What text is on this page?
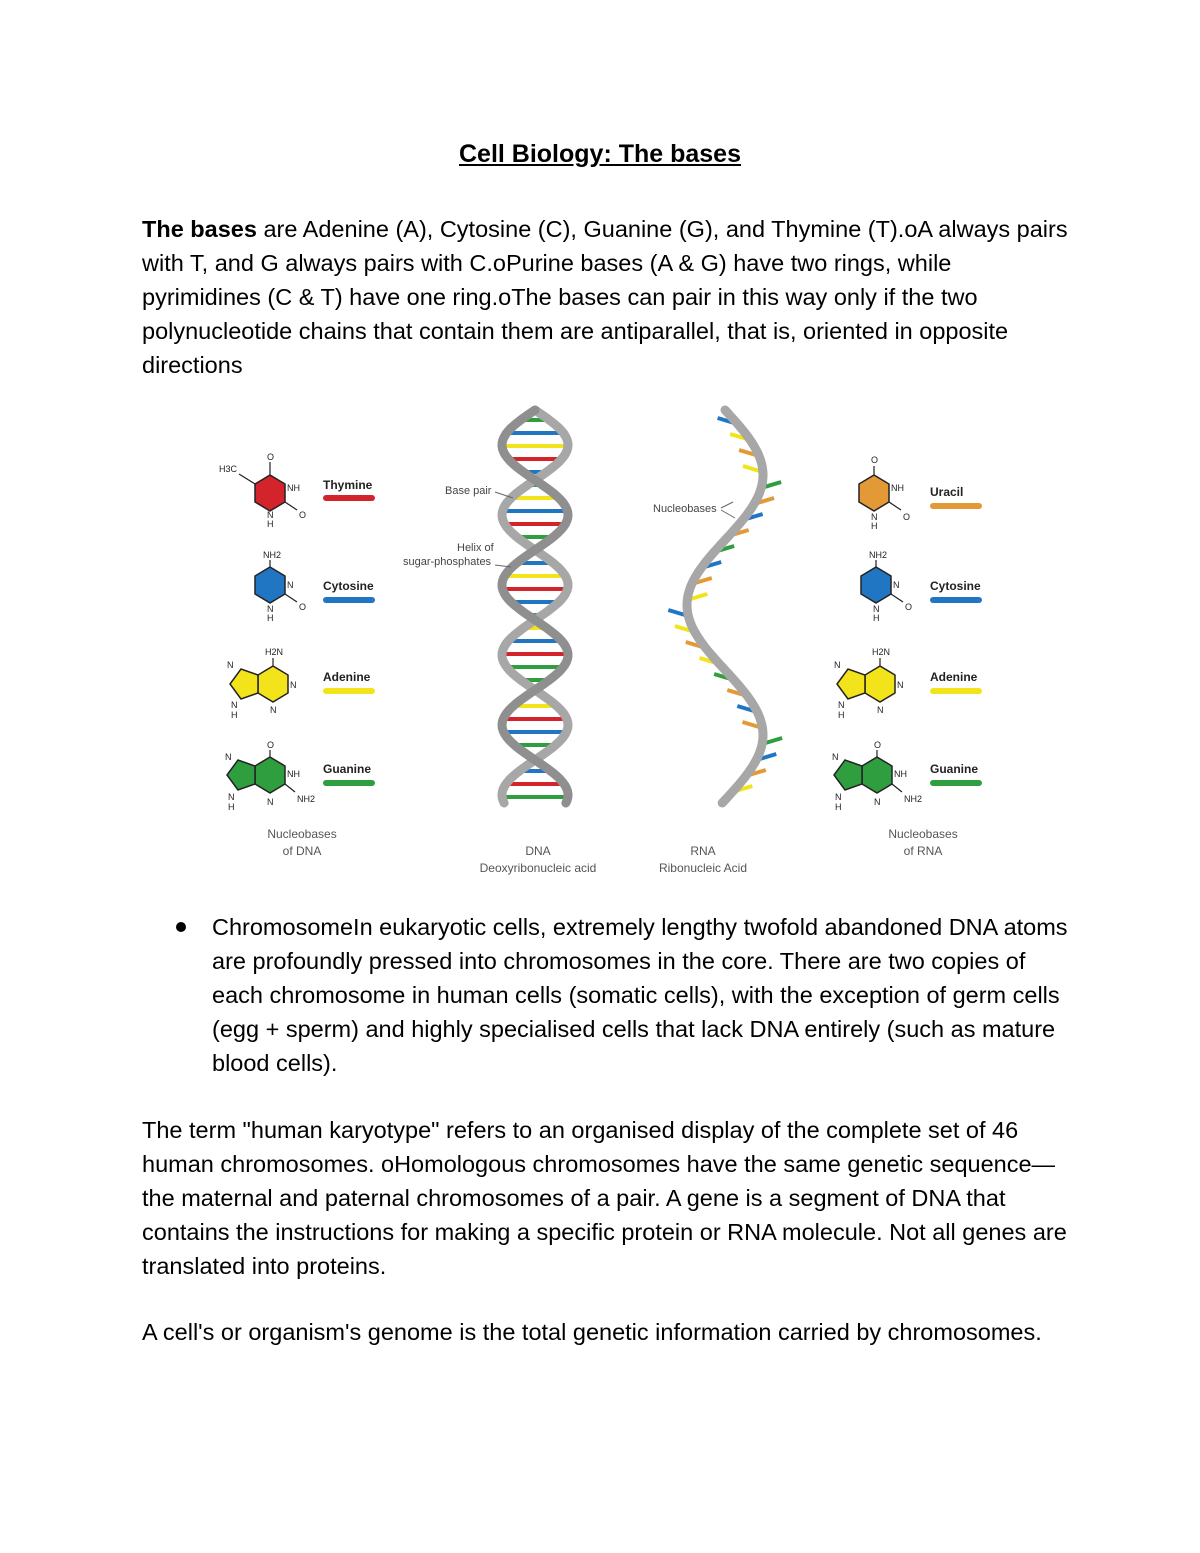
Cell Biology: The bases

The bases are Adenine (A), Cytosine (C), Guanine (G), and Thymine (T).oA always pairs with T, and G always pairs with C.oPurine bases (A & G) have two rings, while pyrimidines (C & T) have one ring.oThe bases can pair in this way only if the two polynucleotide chains that contain them are antiparallel, that is, oriented in opposite directions

H3C
O
NH
N
H
O
Thymine
NH2
N
N
H
O
Cytosine
H2N
N
N
N
N
H
Adenine
O
N
NH
N
N
H
NH2
Guanine
Nucleobases
of DNA
Base pair
Helix of
sugar-phosphates
DNA
Deoxyribonucleic acid
Nucleobases
RNA
Ribonucleic Acid
O
NH
N
H
O
Uracil
NH2
N
N
H
O
Cytosine
H2N
N
N
N
N
H
Adenine
O
N
NH
N
N
H
NH2
Guanine
Nucleobases
of RNA

ChromosomeIn eukaryotic cells, extremely lengthy twofold abandoned DNA atoms are profoundly pressed into chromosomes in the core. There are two copies of each chromosome in human cells (somatic cells), with the exception of germ cells (egg + sperm) and highly specialised cells that lack DNA entirely (such as mature blood cells).

The term "human karyotype" refers to an organised display of the complete set of 46 human chromosomes. oHomologous chromosomes have the same genetic sequence—the maternal and paternal chromosomes of a pair. A gene is a segment of DNA that contains the instructions for making a specific protein or RNA molecule. Not all genes are translated into proteins.

A cell's or organism's genome is the total genetic information carried by chromosomes.
